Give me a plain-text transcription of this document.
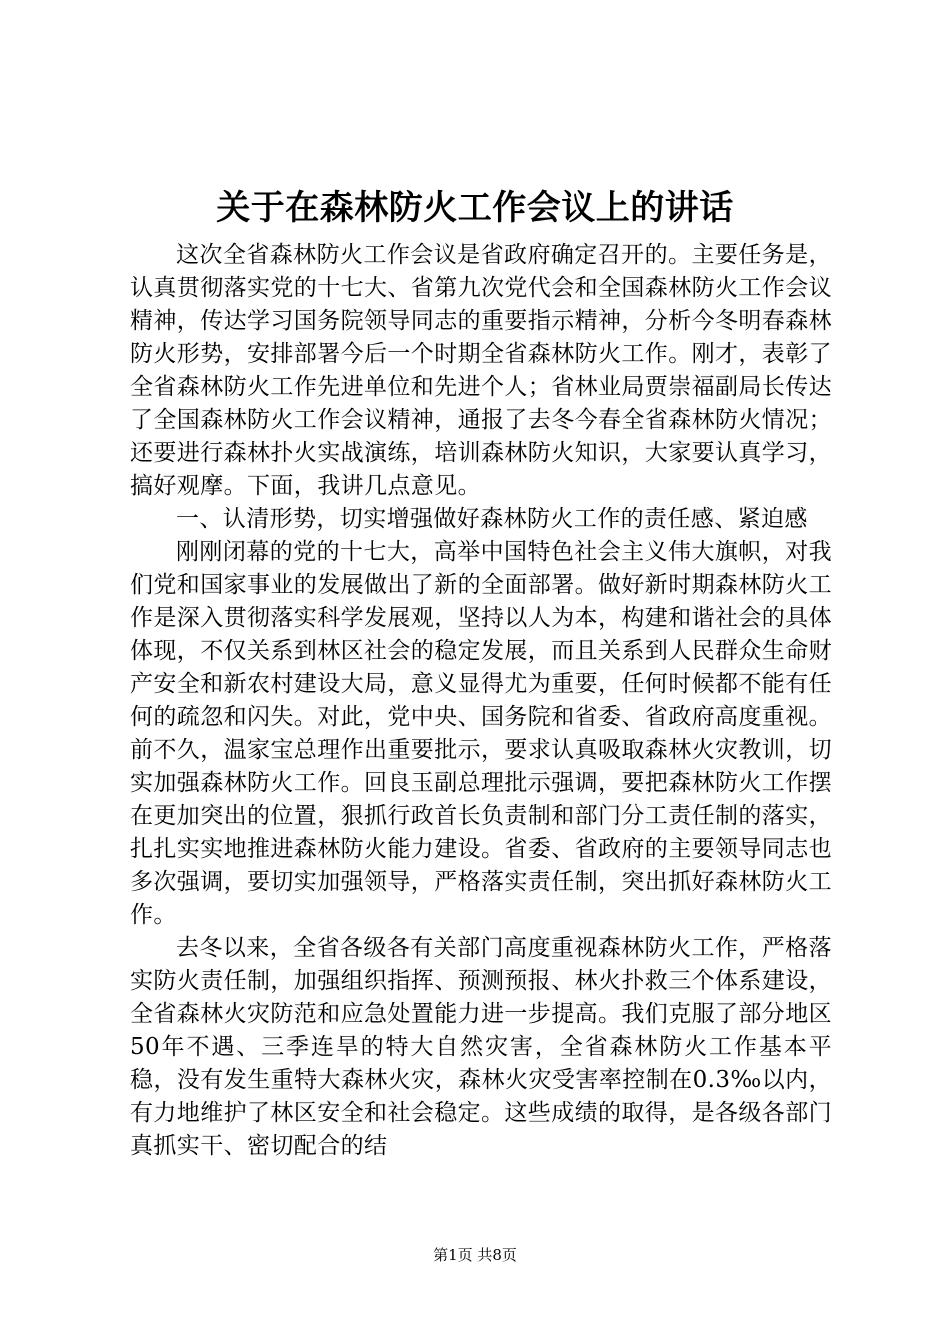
关于在森林防火工作会议上的讲话

这次全省森林防火工作会议是省政府确定召开的。主要任务是，认真贯彻落实党的十七大、省第九次党代会和全国森林防火工作会议精神，传达学习国务院领导同志的重要指示精神，分析今冬明春森林防火形势，安排部署今后一个时期全省森林防火工作。刚才，表彰了全省森林防火工作先进单位和先进个人；省林业局贾崇福副局长传达了全国森林防火工作会议精神，通报了去冬今春全省森林防火情况；还要进行森林扑火实战演练，培训森林防火知识，大家要认真学习，搞好观摩。下面，我讲几点意见。

一、认清形势，切实增强做好森林防火工作的责任感、紧迫感

刚刚闭幕的党的十七大，高举中国特色社会主义伟大旗帜，对我们党和国家事业的发展做出了新的全面部署。做好新时期森林防火工作是深入贯彻落实科学发展观，坚持以人为本，构建和谐社会的具体体现，不仅关系到林区社会的稳定发展，而且关系到人民群众生命财产安全和新农村建设大局，意义显得尤为重要，任何时候都不能有任何的疏忽和闪失。对此，党中央、国务院和省委、省政府高度重视。前不久，温家宝总理作出重要批示，要求认真吸取森林火灾教训，切实加强森林防火工作。回良玉副总理批示强调，要把森林防火工作摆在更加突出的位置，狠抓行政首长负责制和部门分工责任制的落实，扎扎实实地推进森林防火能力建设。省委、省政府的主要领导同志也多次强调，要切实加强领导，严格落实责任制，突出抓好森林防火工作。

去冬以来，全省各级各有关部门高度重视森林防火工作，严格落实防火责任制，加强组织指挥、预测预报、林火扑救三个体系建设，全省森林火灾防范和应急处置能力进一步提高。我们克服了部分地区50年不遇、三季连旱的特大自然灾害，全省森林防火工作基本平稳，没有发生重特大森林火灾，森林火灾受害率控制在0.3‰以内，有力地维护了林区安全和社会稳定。这些成绩的取得，是各级各部门真抓实干、密切配合的结

第1页 共8页
